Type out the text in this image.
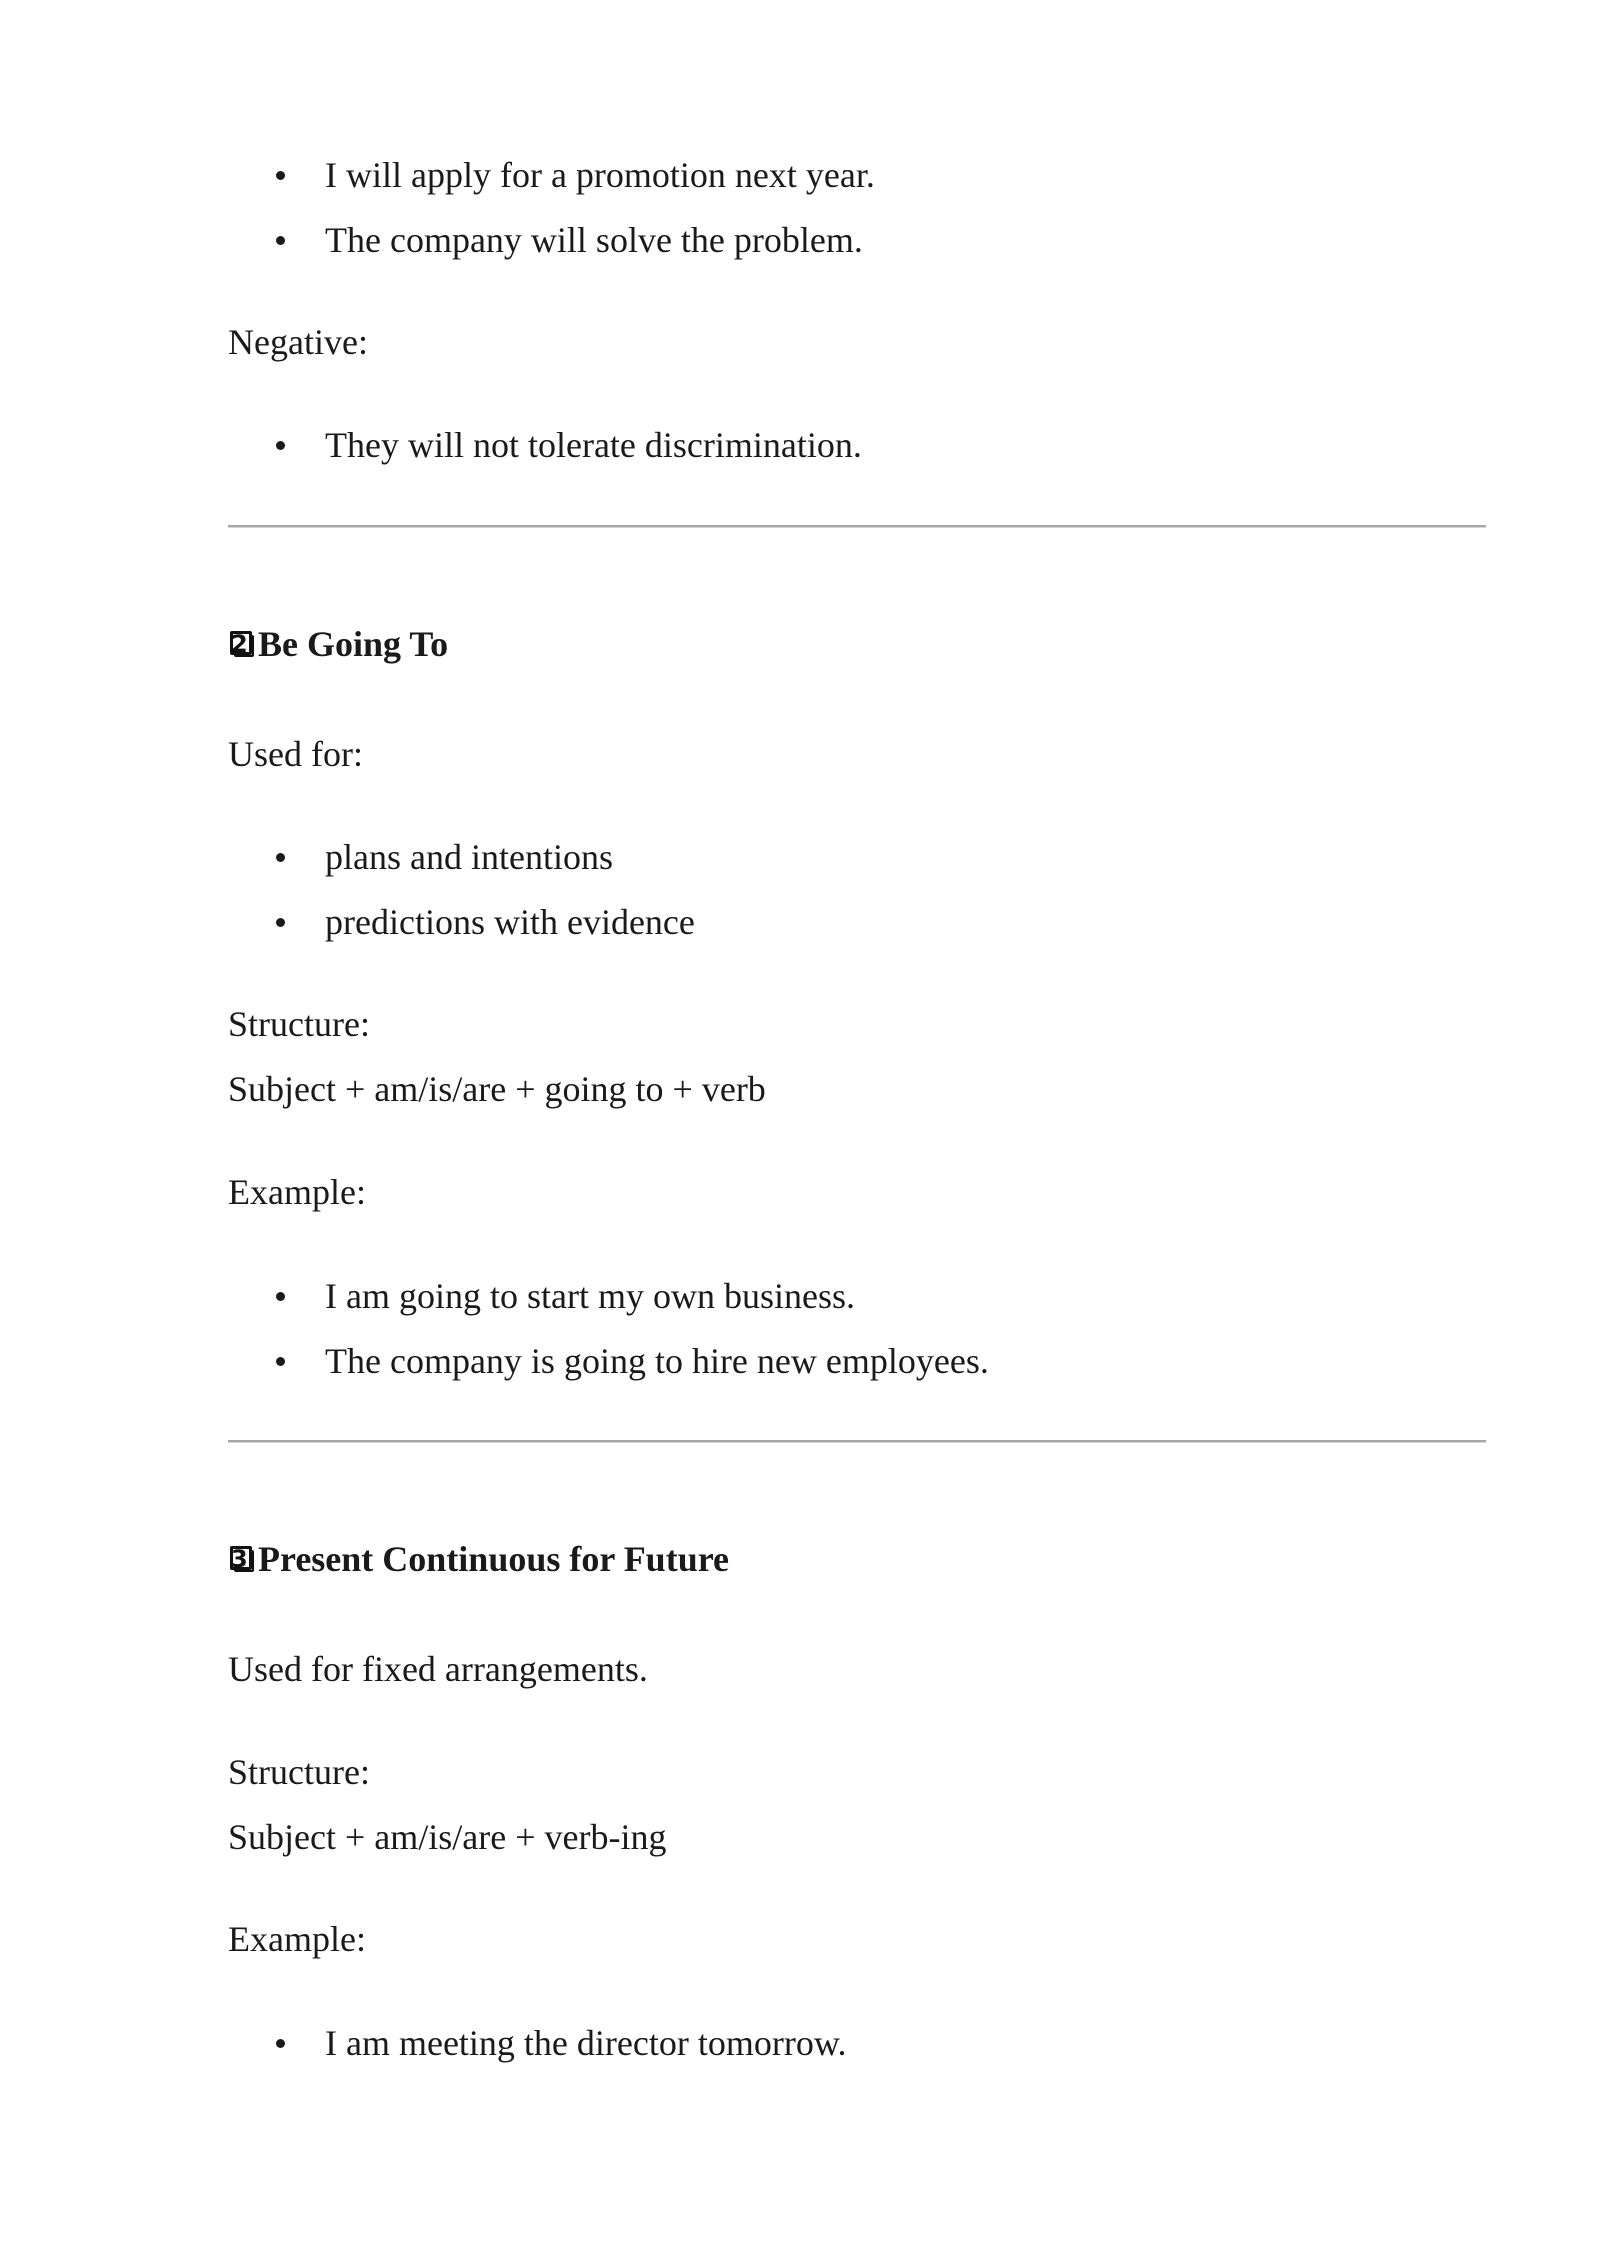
I will apply for a promotion next year.
The company will solve the problem.
Negative:
They will not tolerate discrimination.
2 Be Going To
Used for:
plans and intentions
predictions with evidence
Structure:
Subject + am/is/are + going to + verb
Example:
I am going to start my own business.
The company is going to hire new employees.
3 Present Continuous for Future
Used for fixed arrangements.
Structure:
Subject + am/is/are + verb-ing
Example:
I am meeting the director tomorrow.
